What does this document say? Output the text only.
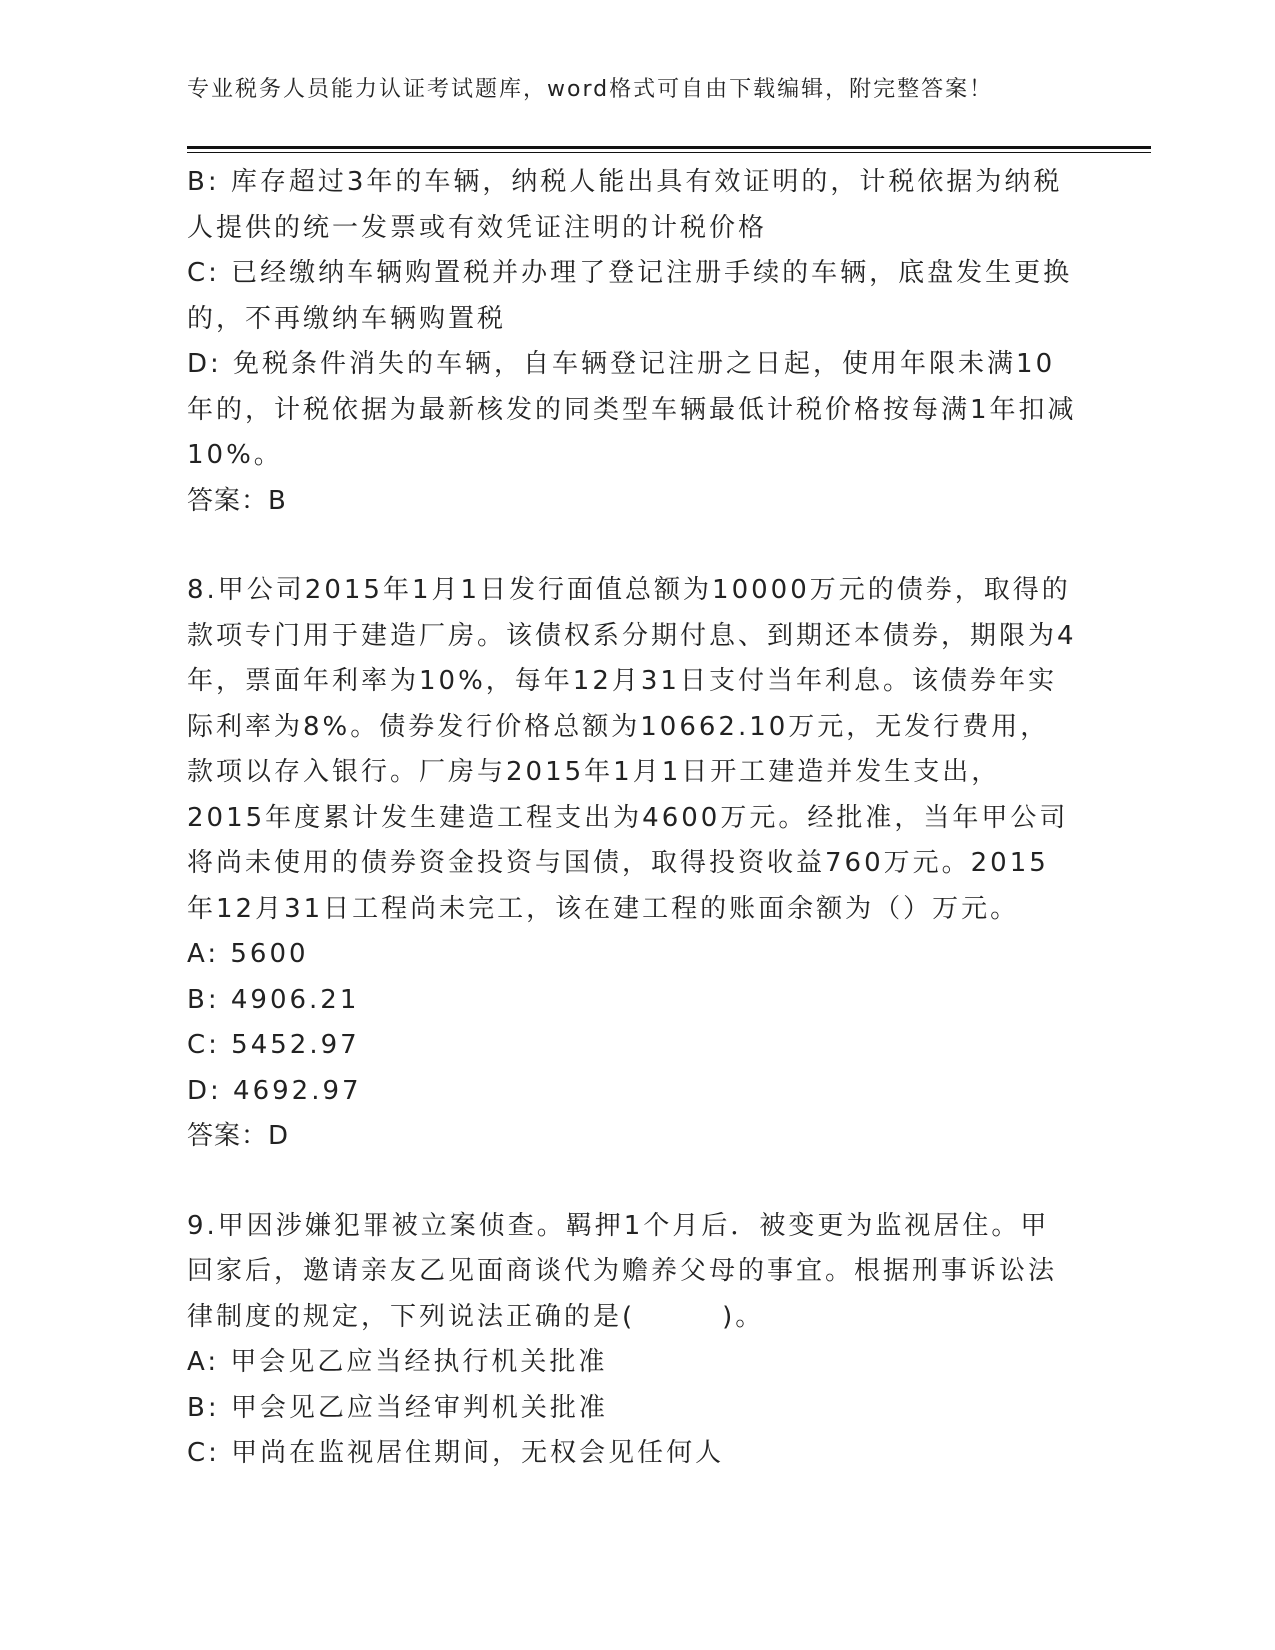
专业税务人员能力认证考试题库，word格式可自由下载编辑，附完整答案！

B: 库存超过3年的车辆，纳税人能出具有效证明的，计税依据为纳税人提供的统一发票或有效凭证注明的计税价格

C: 已经缴纳车辆购置税并办理了登记注册手续的车辆，底盘发生更换的，不再缴纳车辆购置税

D: 免税条件消失的车辆，自车辆登记注册之日起，使用年限未满10年的，计税依据为最新核发的同类型车辆最低计税价格按每满1年扣减10%。

答案：B

8.甲公司2015年1月1日发行面值总额为10000万元的债券，取得的款项专门用于建造厂房。该债权系分期付息、到期还本债券，期限为4年，票面年利率为10%，每年12月31日支付当年利息。该债券年实际利率为8%。债券发行价格总额为10662.10万元，无发行费用，款项以存入银行。厂房与2015年1月1日开工建造并发生支出，2015年度累计发生建造工程支出为4600万元。经批准，当年甲公司将尚未使用的债券资金投资与国债，取得投资收益760万元。2015年12月31日工程尚未完工，该在建工程的账面余额为（）万元。

A: 5600

B: 4906.21

C: 5452.97

D: 4692.97

答案：D

9.甲因涉嫌犯罪被立案侦查。羁押1个月后．被变更为监视居住。甲回家后，邀请亲友乙见面商谈代为赡养父母的事宜。根据刑事诉讼法律制度的规定，下列说法正确的是(　　　)。

A: 甲会见乙应当经执行机关批准

B: 甲会见乙应当经审判机关批准

C: 甲尚在监视居住期间，无权会见任何人
